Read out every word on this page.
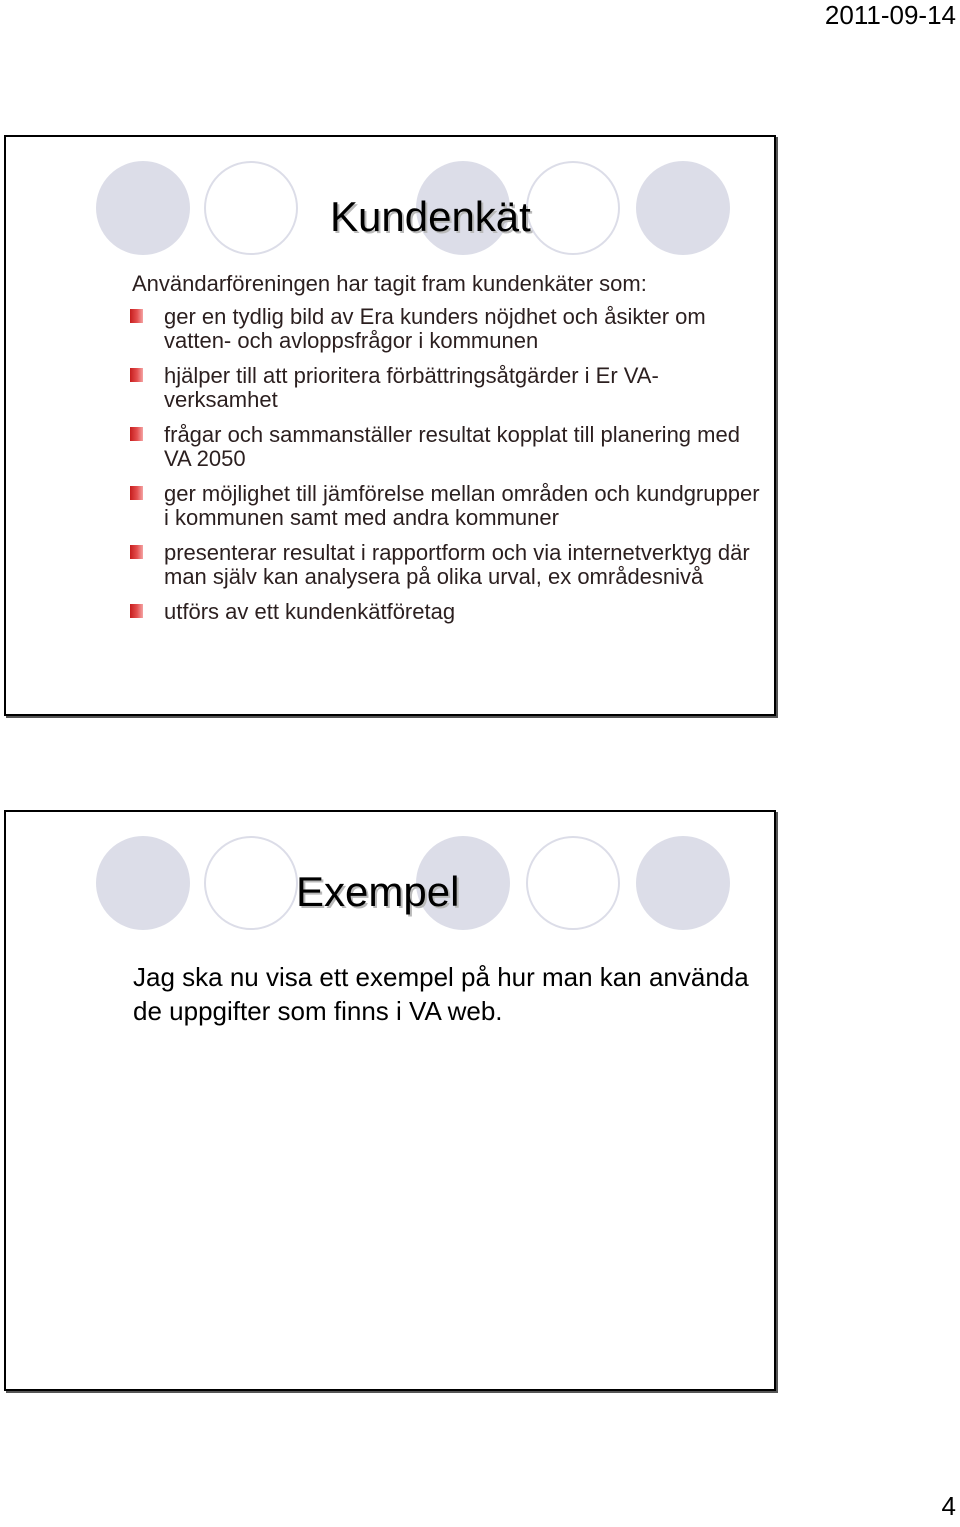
2011-09-14
Kundenkät
Användarföreningen har tagit fram kundenkäter som:
ger en tydlig bild av Era kunders nöjdhet och åsikter om vatten- och avloppsfrågor i kommunen
hjälper till att prioritera förbättringsåtgärder i Er VA-verksamhet
frågar och sammanställer resultat kopplat till planering med VA 2050
ger möjlighet till jämförelse mellan områden och kundgrupper i kommunen samt med andra kommuner
presenterar resultat i rapportform och via internetverktyg där man själv kan analysera på olika urval, ex områdesnivå
utförs av ett kundenkätföretag
Exempel
Jag ska nu visa ett exempel på hur man kan använda de uppgifter som finns i VA web.
4
